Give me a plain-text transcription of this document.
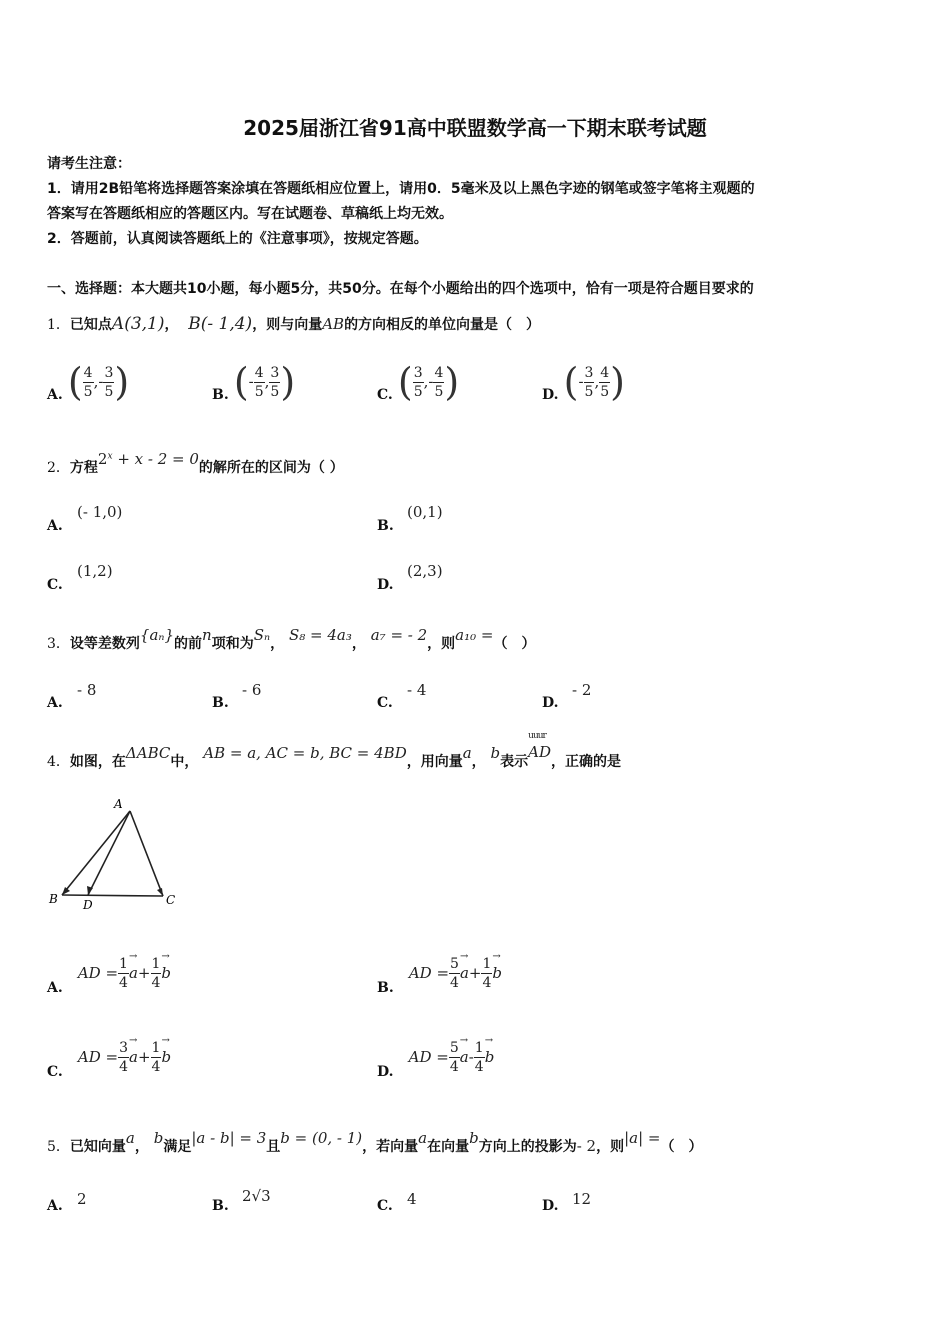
2025届浙江省91高中联盟数学高一下期末联考试题
请考生注意：
1．请用2B铅笔将选择题答案涂填在答题纸相应位置上，请用0．5毫米及以上黑色字迹的钢笔或签字笔将主观题的
答案写在答题纸相应的答题区内。写在试题卷、草稿纸上均无效。
2．答题前，认真阅读答题纸上的《注意事项》，按规定答题。
一、选择题：本大题共10小题，每小题5分，共50分。在每个小题给出的四个选项中，恰有一项是符合题目要求的
1．已知点A(3,1)， B(- 1,4)，则与向量AB的方向相反的单位向量是（　）
A. ( $\frac{4}{5}$ ,- $\frac{3}{5}$ )	B. (- $\frac{4}{5}$ , $\frac{3}{5}$ )	C. ( $\frac{3}{5}$ ,- $\frac{4}{5}$ )	D. (- $\frac{3}{5}$ , $\frac{4}{5}$ )
2．方程$2^x + x - 2 = 0$的解所在的区间为（ ）
A.
(- 1,0)
B.
(0,1)
C.
(1,2)
D.
(2,3)
3．设等差数列{aₙ}的前n项和为Sₙ， S₈ = 4a₃， a₇ = - 2，则a₁₀ =（　）
A.
- 8
B.
- 6
C.
- 4
D.
- 2
4．如图，在ΔABC中， AB = a, AC = b, BC = 4BD，用向量a， b表示
uuur
AD，正确的是
A
B D	C
A. AD = $\frac{1}{4}$
→ $a+ \frac{1}{4}$
→ b
B. AD = $\frac{5}{4}$
→ $a+ \frac{1}{4}$
→ b
C. AD = $\frac{3}{4}$
→ $a+ \frac{1}{4}$
→ b
D. AD = $\frac{5}{4}$
→ $a- \frac{1}{4}$
→ b
5．已知向量a， b满足|a - b| = 3且b = (0, - 1)，若向量a在向量b方向上的投影为- 2，则|a| =（　）
A. 2	B.
2√3
C. 4	D. 12
